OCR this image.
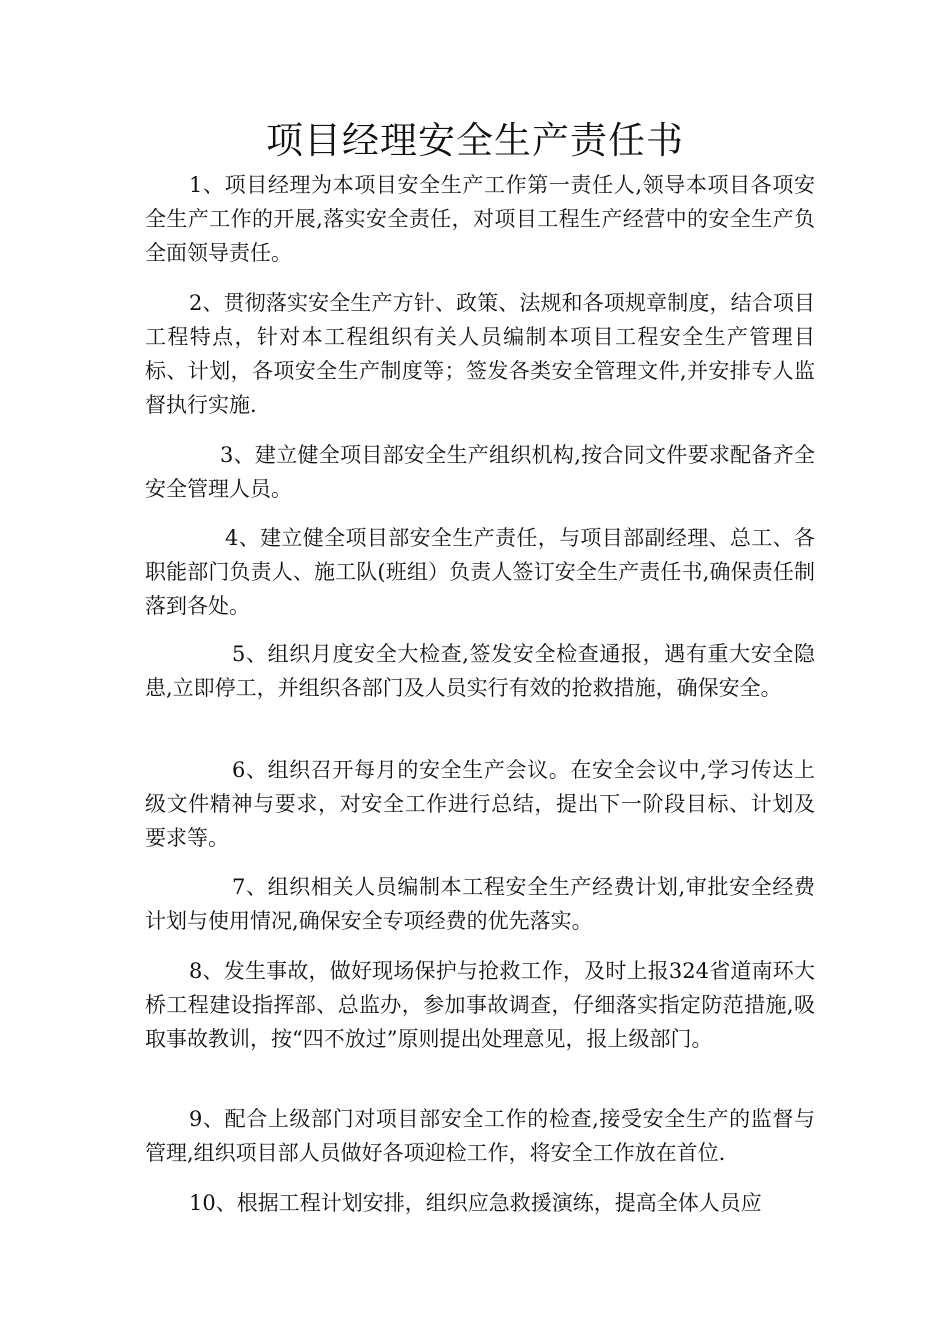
项目经理安全生产责任书

1、项目经理为本项目安全生产工作第一责任人,领导本项目各项安全生产工作的开展,落实安全责任，对项目工程生产经营中的安全生产负全面领导责任。

2、贯彻落实安全生产方针、政策、法规和各项规章制度，结合项目工程特点，针对本工程组织有关人员编制本项目工程安全生产管理目标、计划，各项安全生产制度等；签发各类安全管理文件,并安排专人监督执行实施.

3、建立健全项目部安全生产组织机构,按合同文件要求配备齐全安全管理人员。

4、建立健全项目部安全生产责任，与项目部副经理、总工、各职能部门负责人、施工队(班组）负责人签订安全生产责任书,确保责任制落到各处。

5、组织月度安全大检查,签发安全检查通报，遇有重大安全隐患,立即停工，并组织各部门及人员实行有效的抢救措施，确保安全。

6、组织召开每月的安全生产会议。在安全会议中,学习传达上级文件精神与要求，对安全工作进行总结，提出下一阶段目标、计划及要求等。

7、组织相关人员编制本工程安全生产经费计划,审批安全经费计划与使用情况,确保安全专项经费的优先落实。

8、发生事故，做好现场保护与抢救工作，及时上报324省道南环大桥工程建设指挥部、总监办，参加事故调查，仔细落实指定防范措施,吸取事故教训，按“四不放过”原则提出处理意见，报上级部门。

9、配合上级部门对项目部安全工作的检查,接受安全生产的监督与管理,组织项目部人员做好各项迎检工作，将安全工作放在首位.

10、根据工程计划安排，组织应急救援演练，提高全体人员应
